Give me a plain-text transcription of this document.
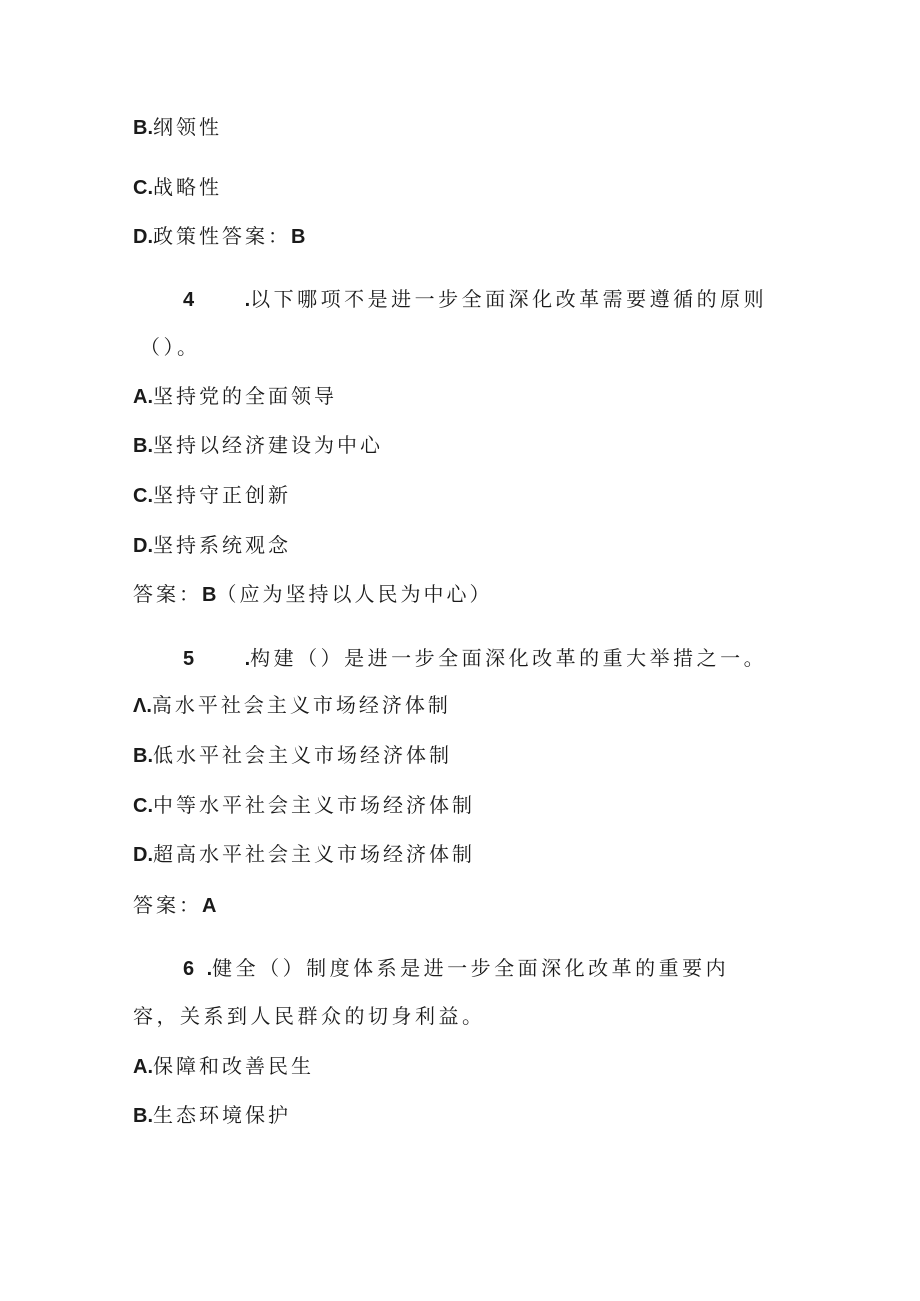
B.纲领性
C.战略性
D.政策性答案：B
4	.以下哪项不是进一步全面深化改革需要遵循的原则
（）。
A.坚持党的全面领导
B.坚持以经济建设为中心
C.坚持守正创新
D.坚持系统观念
答案：B（应为坚持以人民为中心）
5	.构建（）是进一步全面深化改革的重大举措之一。
Λ.高水平社会主义市场经济体制
B.低水平社会主义市场经济体制
C.中等水平社会主义市场经济体制
D.超高水平社会主义市场经济体制
答案：A
6 .健全（）制度体系是进一步全面深化改革的重要内
容，关系到人民群众的切身利益。
A.保障和改善民生
B.生态环境保护
